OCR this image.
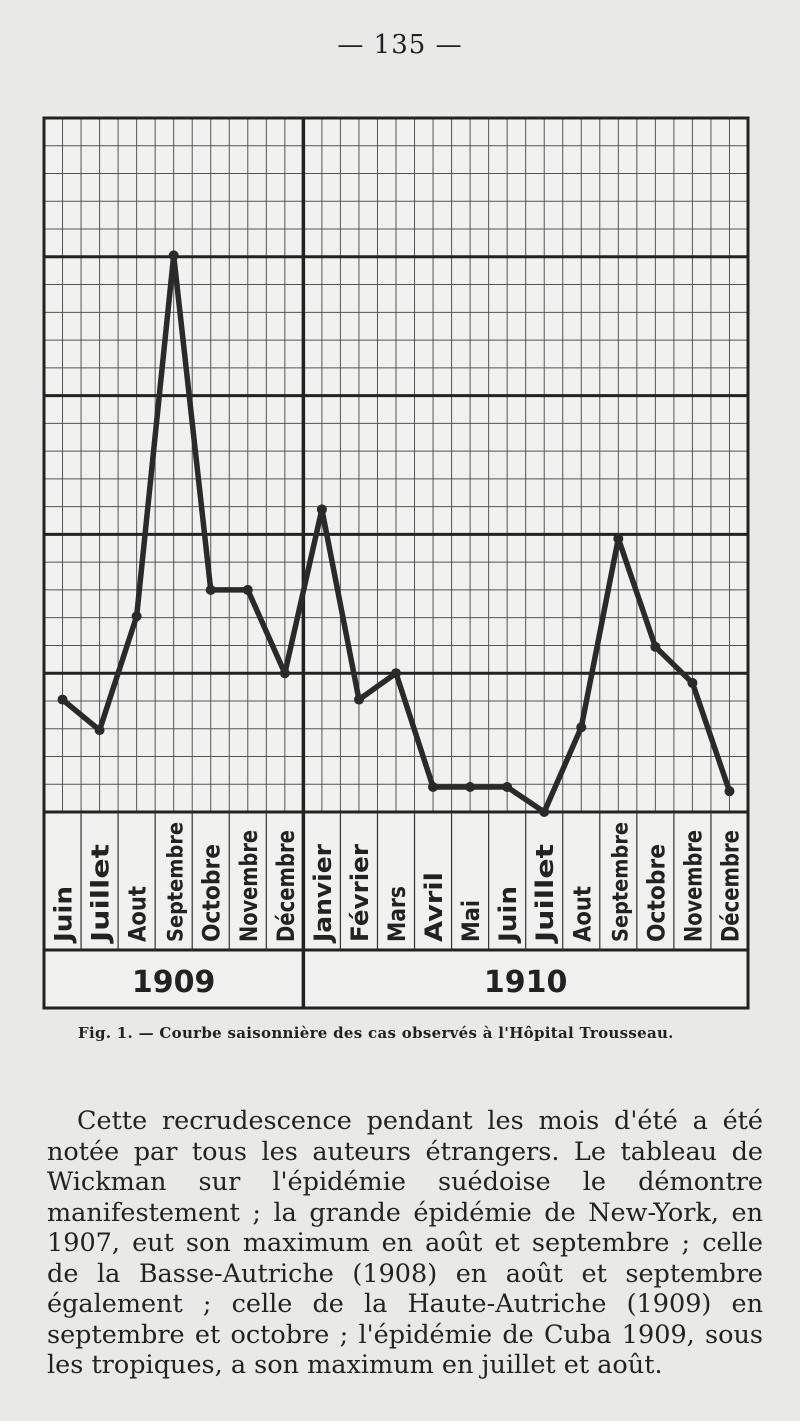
— 135 —
Juin Juillet Aout Septembre Octobre Novembre Décembre Janvier Février Mars Avril Mai Juin Juillet Aout Septembre Octobre Novembre Décembre
1909	1910
Fig. 1. — Courbe saisonnière des cas observés à l'Hôpital Trousseau.

Cette recrudescence pendant les mois d'été a été notée par tous les auteurs étrangers. Le tableau de Wickman sur l'épidémie suédoise le démontre manifestement ; la grande épidémie de New-York, en 1907, eut son maximum en août et septembre ; celle de la Basse-Autriche (1908) en août et septembre également ; celle de la Haute-Autriche (1909) en septembre et octobre ; l'épidémie de Cuba 1909, sous les tropiques, a son maximum en juillet et août.
